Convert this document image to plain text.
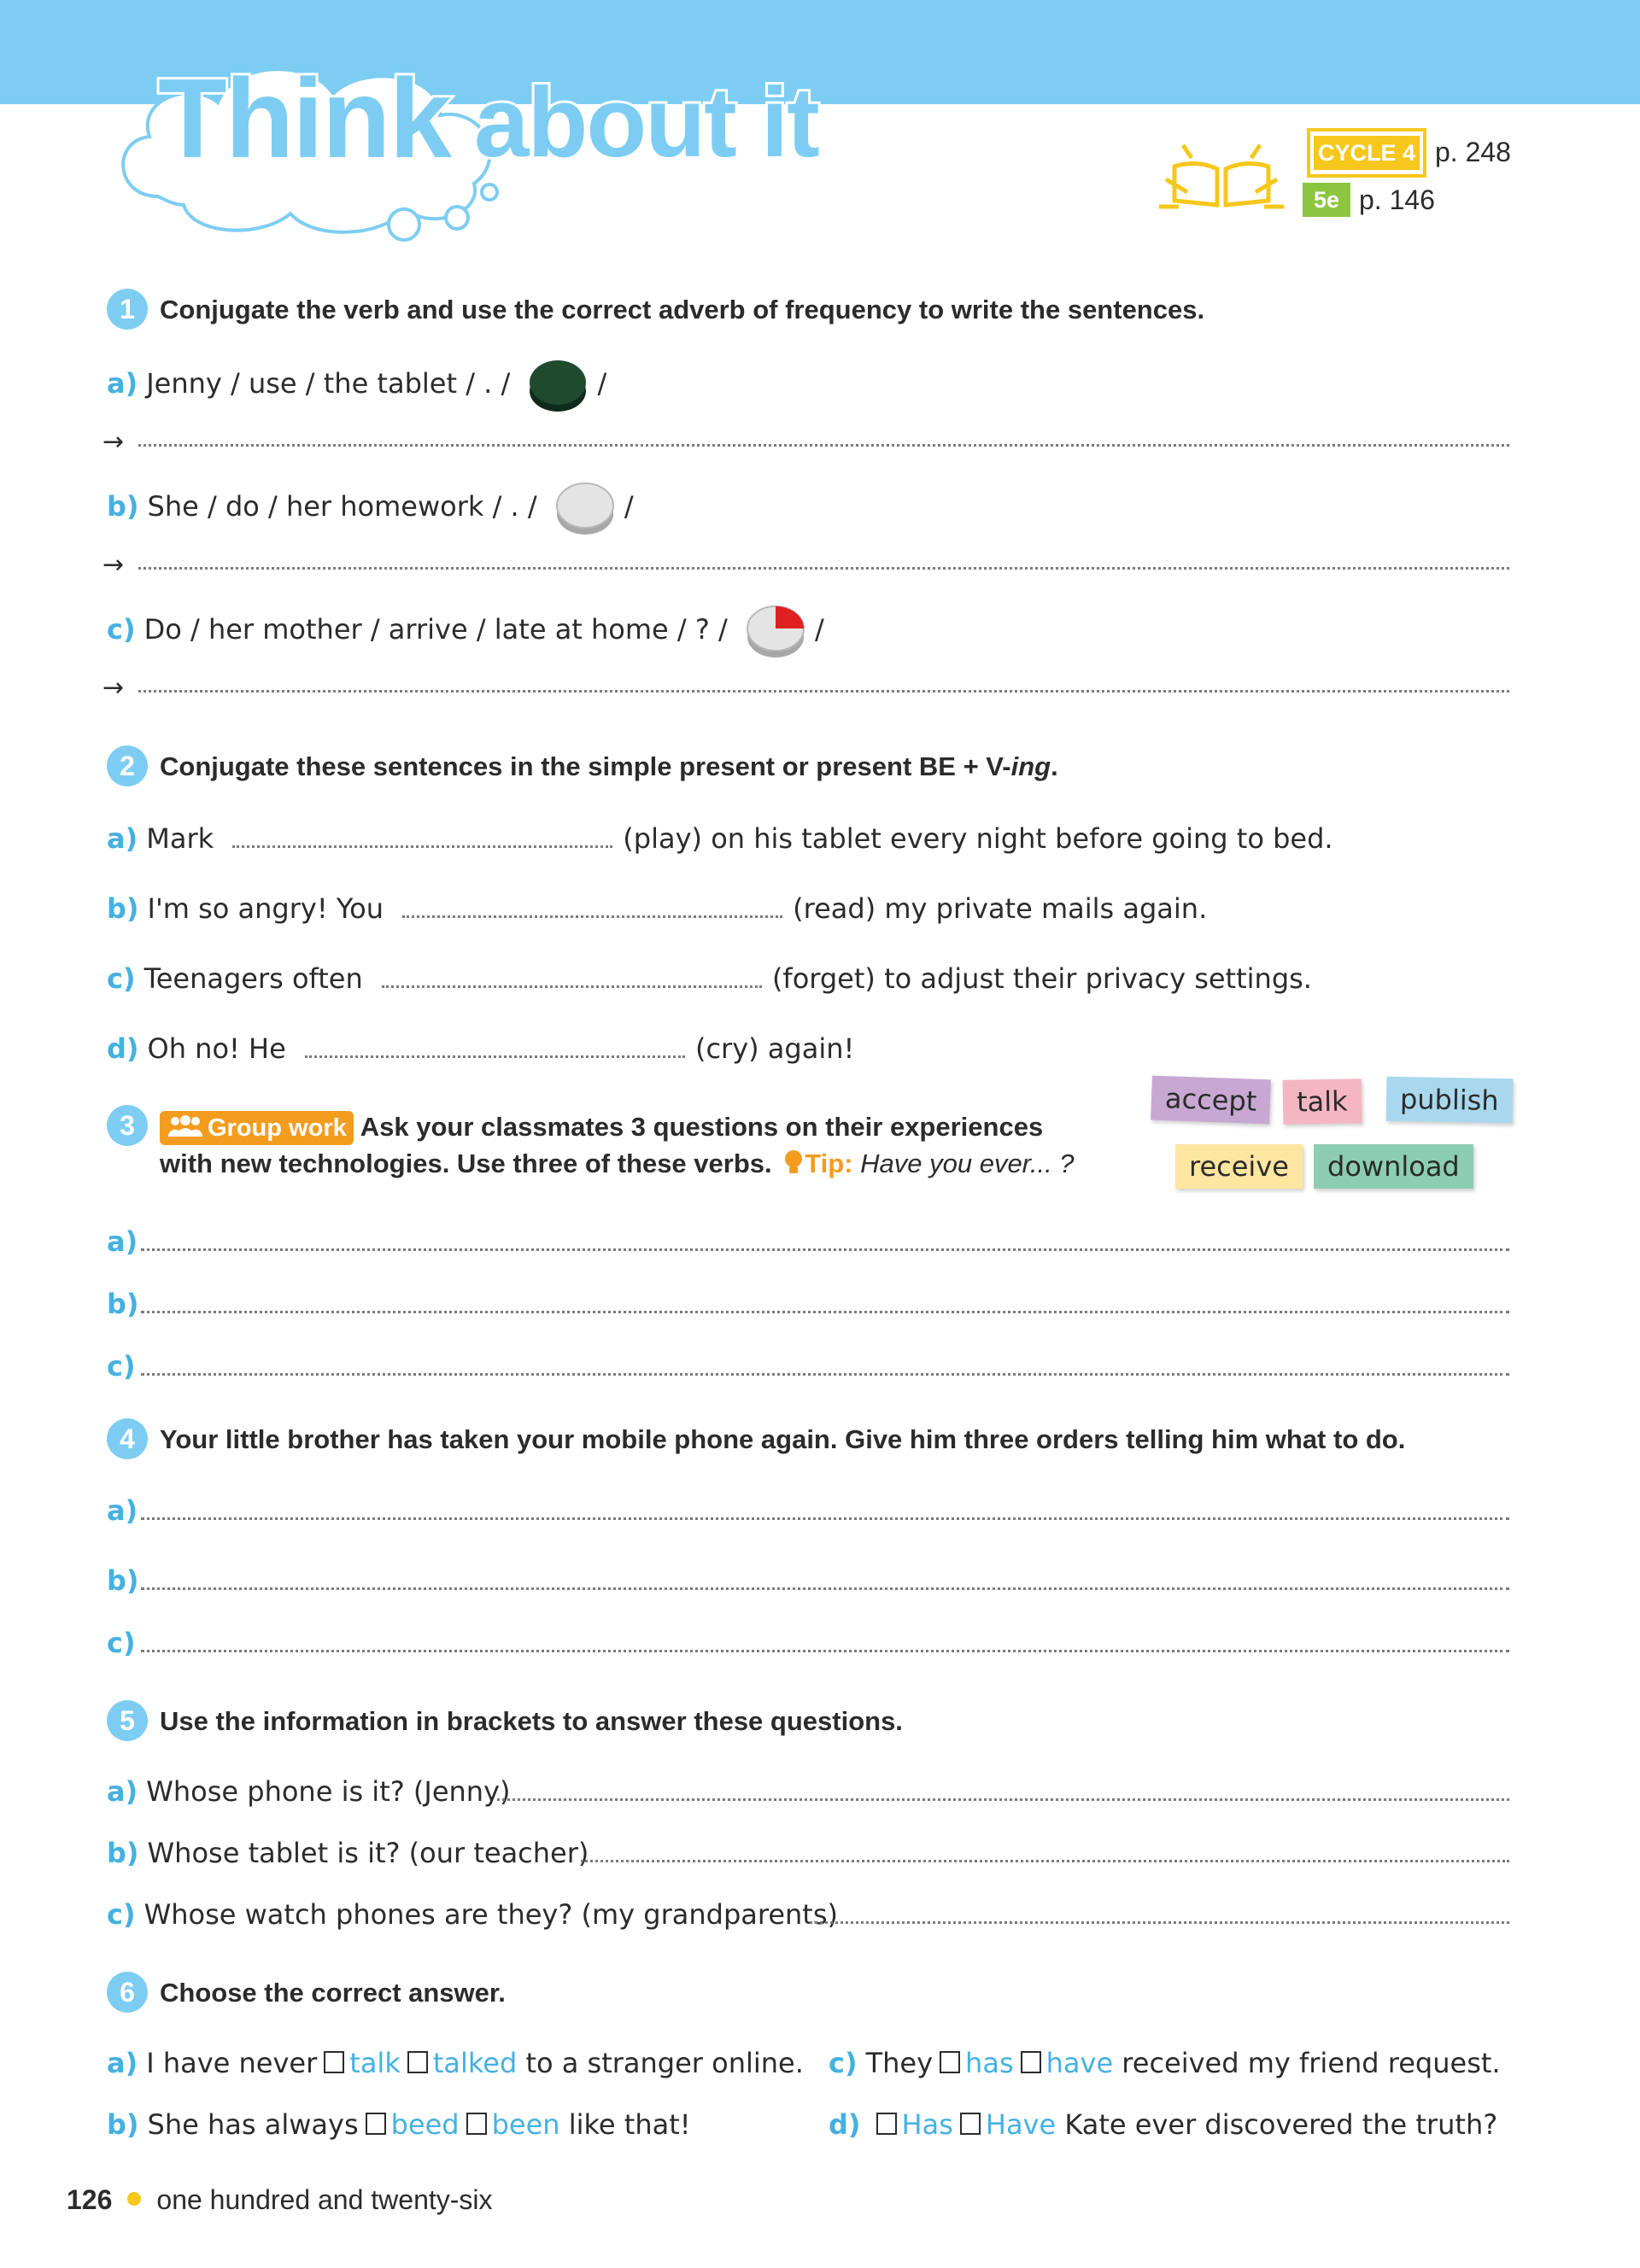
Think about it	CYCLE 4 p. 248
5e p. 146
1 Conjugate the verb and use the correct adverb of frequency to write the sentences.
a) Jenny / use / the tablet / . /	/
→
b) She / do / her homework / . /	/
→
c) Do / her mother / arrive / late at home / ? /	/
→
2 Conjugate these sentences in the simple present or present BE + V-ing.
a) Mark	(play) on his tablet every night before going to bed.
b) I'm so angry! You	(read) my private mails again.
c) Teenagers often	(forget) to adjust their privacy settings.
d) Oh no! He	(cry) again!
3	Group work Ask your classmates 3 questions on their experiences
with new technologies. Use three of these verbs. Tip: Have you ever... ?
accept	talk	publish
receive	download
a)
b)
c)
4 Your little brother has taken your mobile phone again. Give him three orders telling him what to do.
a)
b)
c)
5 Use the information in brackets to answer these questions.
a) Whose phone is it? (Jenny)
b) Whose tablet is it? (our teacher)
c) Whose watch phones are they? (my grandparents)
6 Choose the correct answer.
a) I have never talk talked to a stranger online.
b) She has always beed been like that!
c) They has have received my friend request.
d) Has Have Kate ever discovered the truth?
126 one hundred and twenty-six
